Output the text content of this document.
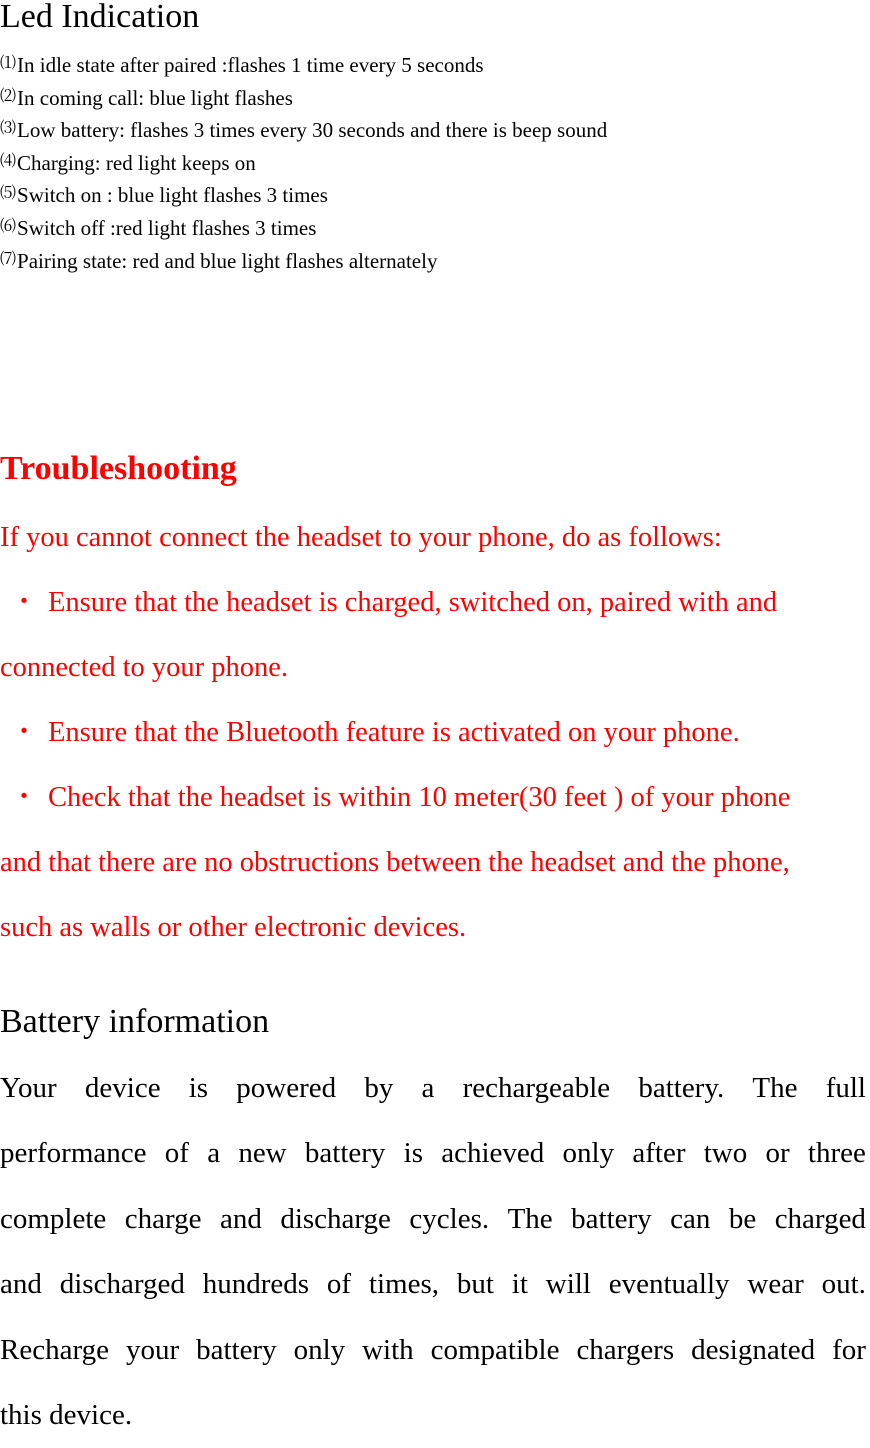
Led Indication
⑴In idle state after paired :flashes 1 time every 5 seconds
⑵In coming call: blue light flashes
⑶Low battery: flashes 3 times every 30 seconds and there is beep sound
⑷Charging: red light keeps on
⑸Switch on : blue light flashes 3 times
⑹Switch off :red light flashes 3 times
⑺Pairing state: red and blue light flashes alternately
Troubleshooting
If you cannot connect the headset to your phone, do as follows:
・ Ensure that the headset is charged, switched on, paired with and
connected to your phone.
・ Ensure that the Bluetooth feature is activated on your phone.
・ Check that the headset is within 10 meter(30 feet ) of your phone
and that there are no obstructions between the headset and the phone,
such as walls or other electronic devices.
Battery information
Your device is powered by a rechargeable battery. The full
performance of a new battery is achieved only after two or three
complete charge and discharge cycles. The battery can be charged
and discharged hundreds of times, but it will eventually wear out.
Recharge your battery only with compatible chargers designated for
this device.
